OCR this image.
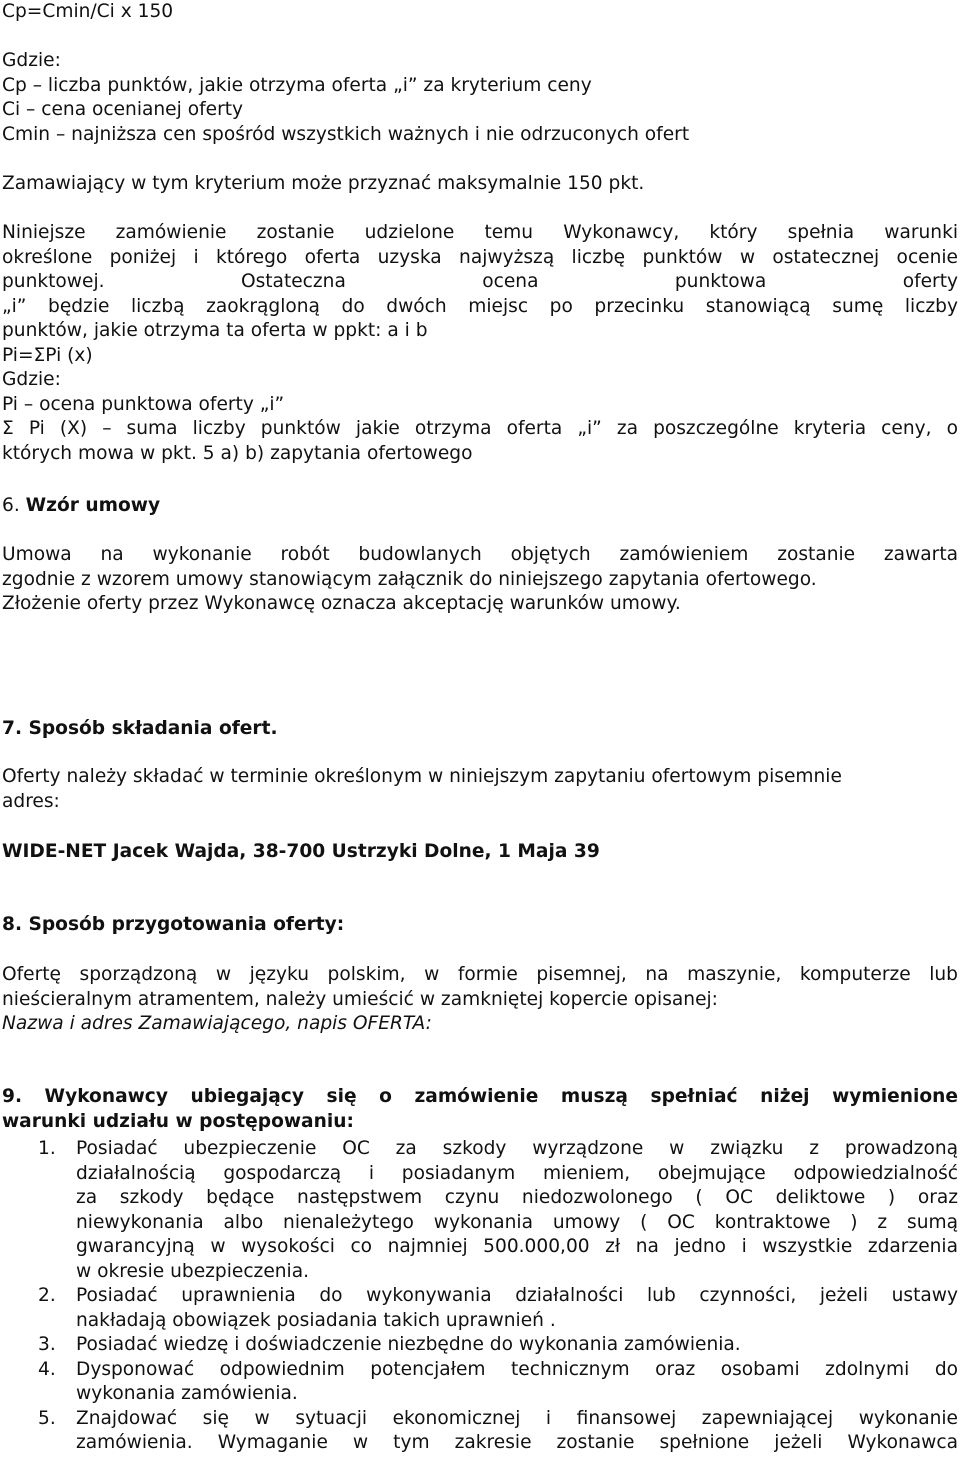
Cp=Cmin/Ci x 150
Gdzie:
Cp – liczba punktów, jakie otrzyma oferta „i” za kryterium ceny
Ci – cena ocenianej oferty
Cmin – najniższa cen spośród wszystkich ważnych i nie odrzuconych ofert
Zamawiający w tym kryterium może przyznać maksymalnie 150 pkt.
Niniejsze zamówienie zostanie udzielone temu Wykonawcy, który spełnia warunki
określone poniżej i którego oferta uzyska najwyższą liczbę punktów w ostatecznej ocenie
punktowej. Ostateczna ocena punktowa oferty
„i” będzie liczbą zaokrągloną do dwóch miejsc po przecinku stanowiącą sumę liczby
punktów, jakie otrzyma ta oferta w ppkt: a i b
Pi=ΣPi (x)
Gdzie:
Pi – ocena punktowa oferty „i”
Σ Pi (X) – suma liczby punktów jakie otrzyma oferta „i” za poszczególne kryteria ceny, o
których mowa w pkt. 5 a) b) zapytania ofertowego
6. Wzór umowy
Umowa na wykonanie robót budowlanych objętych zamówieniem zostanie zawarta
zgodnie z wzorem umowy stanowiącym załącznik do niniejszego zapytania ofertowego.
Złożenie oferty przez Wykonawcę oznacza akceptację warunków umowy.

7. Sposób składania ofert.

Oferty należy składać w terminie określonym w niniejszym zapytaniu ofertowym pisemnie
adres:

WIDE-NET Jacek Wajda, 38-700 Ustrzyki Dolne, 1 Maja 39

8. Sposób przygotowania oferty:

Ofertę sporządzoną w języku polskim, w formie pisemnej, na maszynie, komputerze lub
nieścieralnym atramentem, należy umieścić w zamkniętej kopercie opisanej:
Nazwa i adres Zamawiającego, napis OFERTA:
9. Wykonawcy ubiegający się o zamówienie muszą spełniać niżej wymienione
warunki udziału w postępowaniu:
1. Posiadać ubezpieczenie OC za szkody wyrządzone w związku z prowadzoną
działalnością gospodarczą i posiadanym mieniem, obejmujące odpowiedzialność
za szkody będące następstwem czynu niedozwolonego ( OC deliktowe ) oraz
niewykonania albo nienależytego wykonania umowy ( OC kontraktowe ) z sumą
gwarancyjną w wysokości co najmniej 500.000,00 zł na jedno i wszystkie zdarzenia
w okresie ubezpieczenia.
2. Posiadać uprawnienia do wykonywania działalności lub czynności, jeżeli ustawy
nakładają obowiązek posiadania takich uprawnień .
3. Posiadać wiedzę i doświadczenie niezbędne do wykonania zamówienia.
4. Dysponować odpowiednim potencjałem technicznym oraz osobami zdolnymi do
wykonania zamówienia.
5. Znajdować się w sytuacji ekonomicznej i finansowej zapewniającej wykonanie
zamówienia. Wymaganie w tym zakresie zostanie spełnione jeżeli Wykonawca
